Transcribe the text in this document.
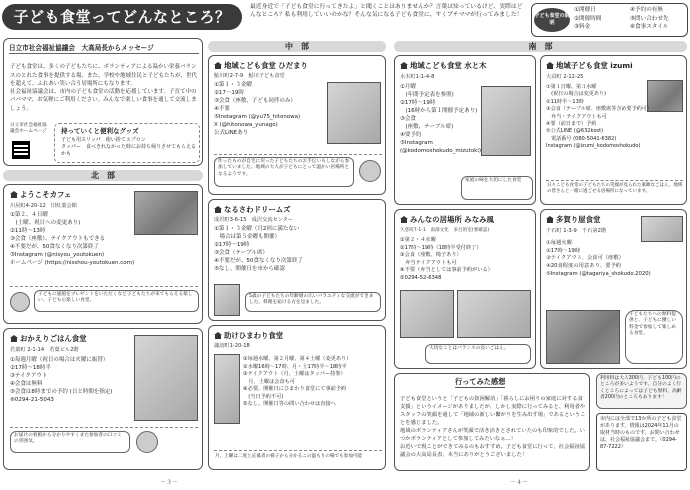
子ども食堂ってどんなところ？
最近身近で「子ども食堂に行ってきたよ」と聞くことはありませんか？言葉は知っているけど、実際はどんなところ？私も利用していいのかな？そんな気になる子ども食堂に、すくプチママが行ってみました！	子ども食堂の説明
①開催日	④予約の有無
②開催時間	⑤問い合わせ先
③料金	⑥食事スタイル
日立市社会福祉協議会　大高局長からメッセージ

子ども食堂は、多くの子どもたちに、ボランティアによる温かい栄養バランスのとれた食事を提供する場、また、学校や地域住民と子どもたちが、世代を超えて、ふれあい笑い合う居場所にもなります。
社会福祉協議会は、市内の子ども食堂の活動を応援しています。子育て中のパパママ、お気軽にご利用ください。みんなで楽しい食事を通して交流しましょう。

日立市社会福祉協議会ホームページ	持っていくと便利なグッズ
子ども用スリッパ　使い捨てエプロン
タッパー　食べきれなかった時にお持ち帰りさせてもらえるかも
北　部
中　部	南　部
ようこそカフェ
川尻町4-20-12　旧紅葉会館
①第２、４日曜
　(土曜、祝日への変更あり)
②11時～13時
③会食（座敷）、テイクアウトもできる
④不要だが、50食なくなり次第終了
⑤Instagram (@nisyou_youtokuen)
ホームページ (https://nisshou-youtokuen.com)
子どもに風船をプレゼントをいただくなど子どもたちが来てもらえる楽しい、子ども心楽しい食堂。
おかえりごはん食堂
若葉町 2-1-14　若葉ビル2階
①毎週月曜（祝日の場合は火曜に振替）
②17時～18時半
③テイクアウト
④会食は無料
⑤会食は8時までの予約 (日と時間を指定)
⑥0294-21-5043
お届けの看板から分かりやすくまた参加者の口コミの雰囲気。
地域こども食堂 ひだまり
鮎川町2-7-9　鮎川子ども食堂
①第１・３金曜
②17～19時
③会食（座敷、子ども同伴のみ）
④不要
⑤Instagram (@yu75_hitonowa)
X (@hitonowa_yunago)
公式LINEあり
作ったものが自宅に戻った子どもたちのお手伝いもしながら参加していました。地域の大人が子どもにとって温かい居場所となるようです。
なるさわドリームズ
成沢町3-6-15　成沢交流センター
①第１・３金曜（月2回に満たない
　場合は第５金曜も開催）
②17時～19時
③会食（テーブル席）
④不要だが、50食なくなり次第終了
⑤なし。開催日を市から確認
5歳の子どもたちの年齢層の広いバラエティな交流ができました。料理を届ける方を見ました。
助けひまわり食堂
諏訪町1-20-18
①毎週水曜、第２月曜、第４土曜（変更あり）
②水曜16時～17時、月・土17時半～18時半
③テイクアウト（月、土曜はタッパー持参）
　月、土曜は会食も可
④必要。開催日にひまわり食堂にて事前予約
　(当日予約不可)
⑤なし。開催日等の問い合わせは直接へ
月、土曜は二度と応募者の様子から分かるこの温もりの場でも参加可能
地域こども食堂 水と木
水木町1-1-4-8
①月曜
　(年間予定表を参照)
②17時～19時
　(16時から第１開催予定あり)
③会食
　(座敷、テーブル席)
④要予約
⑤Instagram
(@kodomoshokudo_mizutoki)
家庭の味を大切にした食堂
地域子ども食堂 izumi
大沼町 2-12-25
①第１日曜、第３水曜
　(祝日の場合は変更あり)
②11時半～13時
③会食（テーブル席、座敷席等含め要予約可）
　弁当・テイクアウトも可
④要（前日まで）予約
⑤公式LINE (@632kost)
　電話番号 (080-5041-6382)
Instagram (@izumi_kodomoshokudo)
日々こども食堂の子どもたちの笑顔が見られた素敵なごはん。地域の皆さんと一緒に過ごせる居場所になっています。
みんなの居場所 みなみ風
久慈町7-1-1　南部文化　多目的室(要確認)
①第２・４水曜
②17時～19時（18時半受付終了）
③会食（座敷、椅子あり）
　弁当テイクアウトも可
④不要（弁当としては事前予約がいる）
⑤0294-52-6348
大切なことはバランスの良いごはん。
多賀り屋食堂
千石町 1-3-9　千石第2階
①毎週火曜
②17時～19時
③テイクアウト、会食可（座敷）
④20食程度の用意あり、要予約
⑤Instagram (@tagariya_shokudo.2020)
子どもたちへの無料提供と、子どもに優しい料金で参加して楽しめる食堂。
行ってみた感想

子ども食堂というと「子どもの貧困解消」「暮らしにお困りの家庭に対する食支援」というイメージがありましたが、しかし実際に行ってみると、利用者やスタッフの笑顔を通して「地域の新しい繋がりを生み出す場」であるということを感じました。
地域のボランティアさんが笑顔で活き活きとされていたのも印象的でした。いつかボランティアとして参加してみたいなぁ…！
お近いで現ことができてみるのもおすすめ。子ども食堂に行って、社会福祉協議会の大高局長表、本当にありがとうございました！

利用料は大人300円、子ども100円のところが多いようです。自分のよく行くところによっては子ども無料、高齢者200円のところもあります！
市内には全部で13か所の子ども食堂があります。情報は2024年11月の取材当時のものです。お問い合わせは、社会福祉協議会まで。（0294-87-7222）
－３－	－４－
